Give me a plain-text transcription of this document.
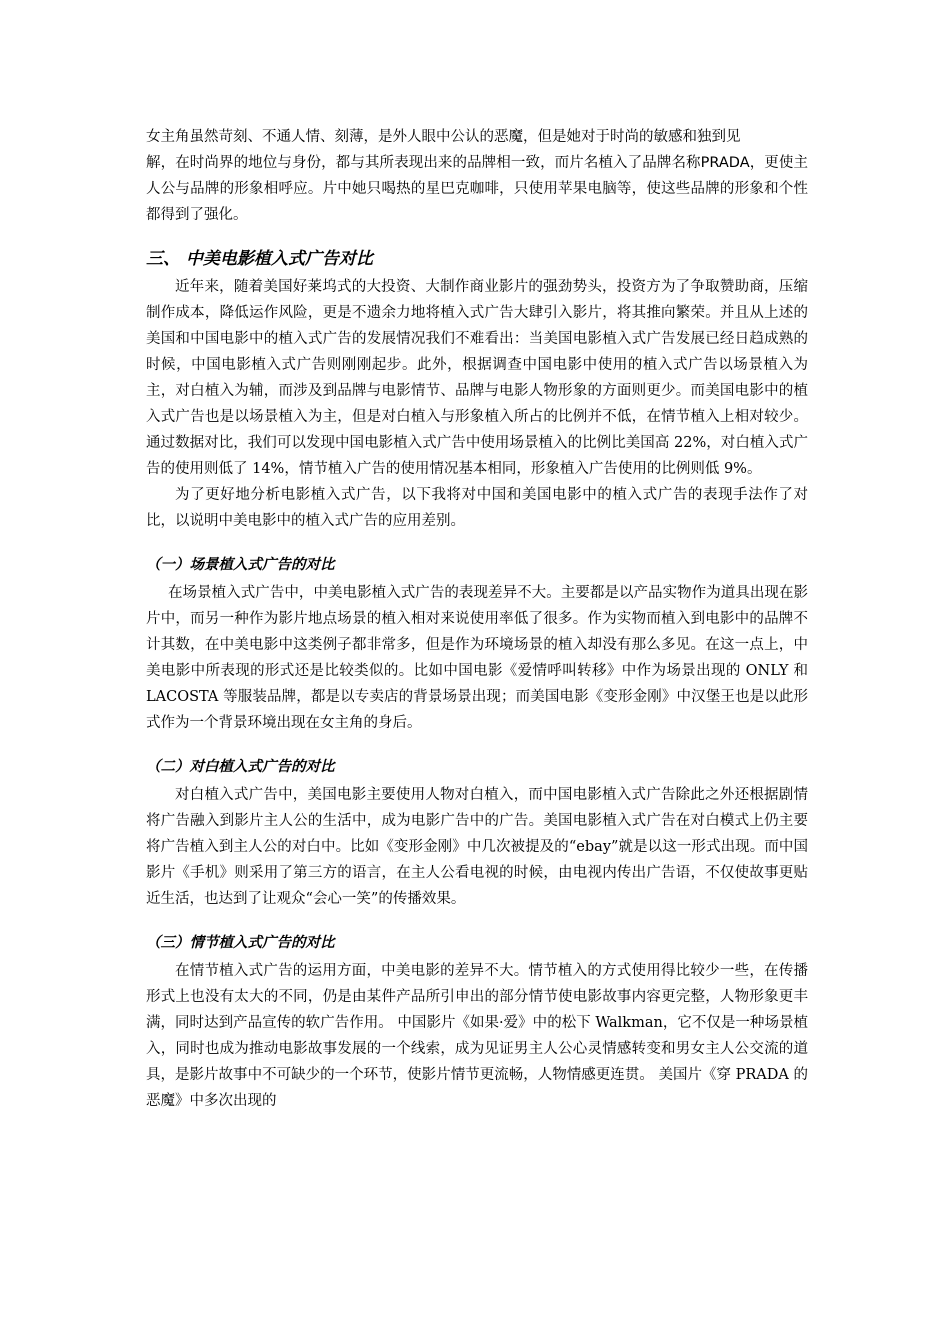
女主角虽然苛刻、不通人情、刻薄，是外人眼中公认的恶魔，但是她对于时尚的敏感和独到见

解，在时尚界的地位与身份，都与其所表现出来的品牌相一致，而片名植入了品牌名称PRADA，更使主人公与品牌的形象相呼应。片中她只喝热的星巴克咖啡，只使用苹果电脑等，使这些品牌的形象和个性都得到了强化。

三、 中美电影植入式广告对比

近年来，随着美国好莱坞式的大投资、大制作商业影片的强劲势头，投资方为了争取赞助商，压缩制作成本，降低运作风险，更是不遗余力地将植入式广告大肆引入影片，将其推向繁荣。并且从上述的美国和中国电影中的植入式广告的发展情况我们不难看出：当美国电影植入式广告发展已经日趋成熟的时候，中国电影植入式广告则刚刚起步。此外，根据调查中国电影中使用的植入式广告以场景植入为主，对白植入为辅，而涉及到品牌与电影情节、品牌与电影人物形象的方面则更少。而美国电影中的植入式广告也是以场景植入为主，但是对白植入与形象植入所占的比例并不低，在情节植入上相对较少。通过数据对比，我们可以发现中国电影植入式广告中使用场景植入的比例比美国高 22%，对白植入式广告的使用则低了 14%，情节植入广告的使用情况基本相同，形象植入广告使用的比例则低 9%。

为了更好地分析电影植入式广告，以下我将对中国和美国电影中的植入式广告的表现手法作了对比，以说明中美电影中的植入式广告的应用差别。

（一）场景植入式广告的对比

在场景植入式广告中，中美电影植入式广告的表现差异不大。主要都是以产品实物作为道具出现在影片中，而另一种作为影片地点场景的植入相对来说使用率低了很多。作为实物而植入到电影中的品牌不计其数，在中美电影中这类例子都非常多，但是作为环境场景的植入却没有那么多见。在这一点上，中美电影中所表现的形式还是比较类似的。比如中国电影《爱情呼叫转移》中作为场景出现的 ONLY 和 LACOSTA 等服装品牌，都是以专卖店的背景场景出现；而美国电影《变形金刚》中汉堡王也是以此形式作为一个背景环境出现在女主角的身后。

（二）对白植入式广告的对比

对白植入式广告中，美国电影主要使用人物对白植入，而中国电影植入式广告除此之外还根据剧情将广告融入到影片主人公的生活中，成为电影广告中的广告。美国电影植入式广告在对白模式上仍主要将广告植入到主人公的对白中。比如《变形金刚》中几次被提及的“ebay”就是以这一形式出现。而中国影片《手机》则采用了第三方的语言，在主人公看电视的时候，由电视内传出广告语，不仅使故事更贴近生活，也达到了让观众“会心一笑”的传播效果。

（三）情节植入式广告的对比

在情节植入式广告的运用方面，中美电影的差异不大。情节植入的方式使用得比较少一些，在传播形式上也没有太大的不同，仍是由某件产品所引申出的部分情节使电影故事内容更完整，人物形象更丰满，同时达到产品宣传的软广告作用。 中国影片《如果·爱》中的松下 Walkman，它不仅是一种场景植入，同时也成为推动电影故事发展的一个线索，成为见证男主人公心灵情感转变和男女主人公交流的道具，是影片故事中不可缺少的一个环节，使影片情节更流畅，人物情感更连贯。 美国片《穿 PRADA 的恶魔》中多次出现的
